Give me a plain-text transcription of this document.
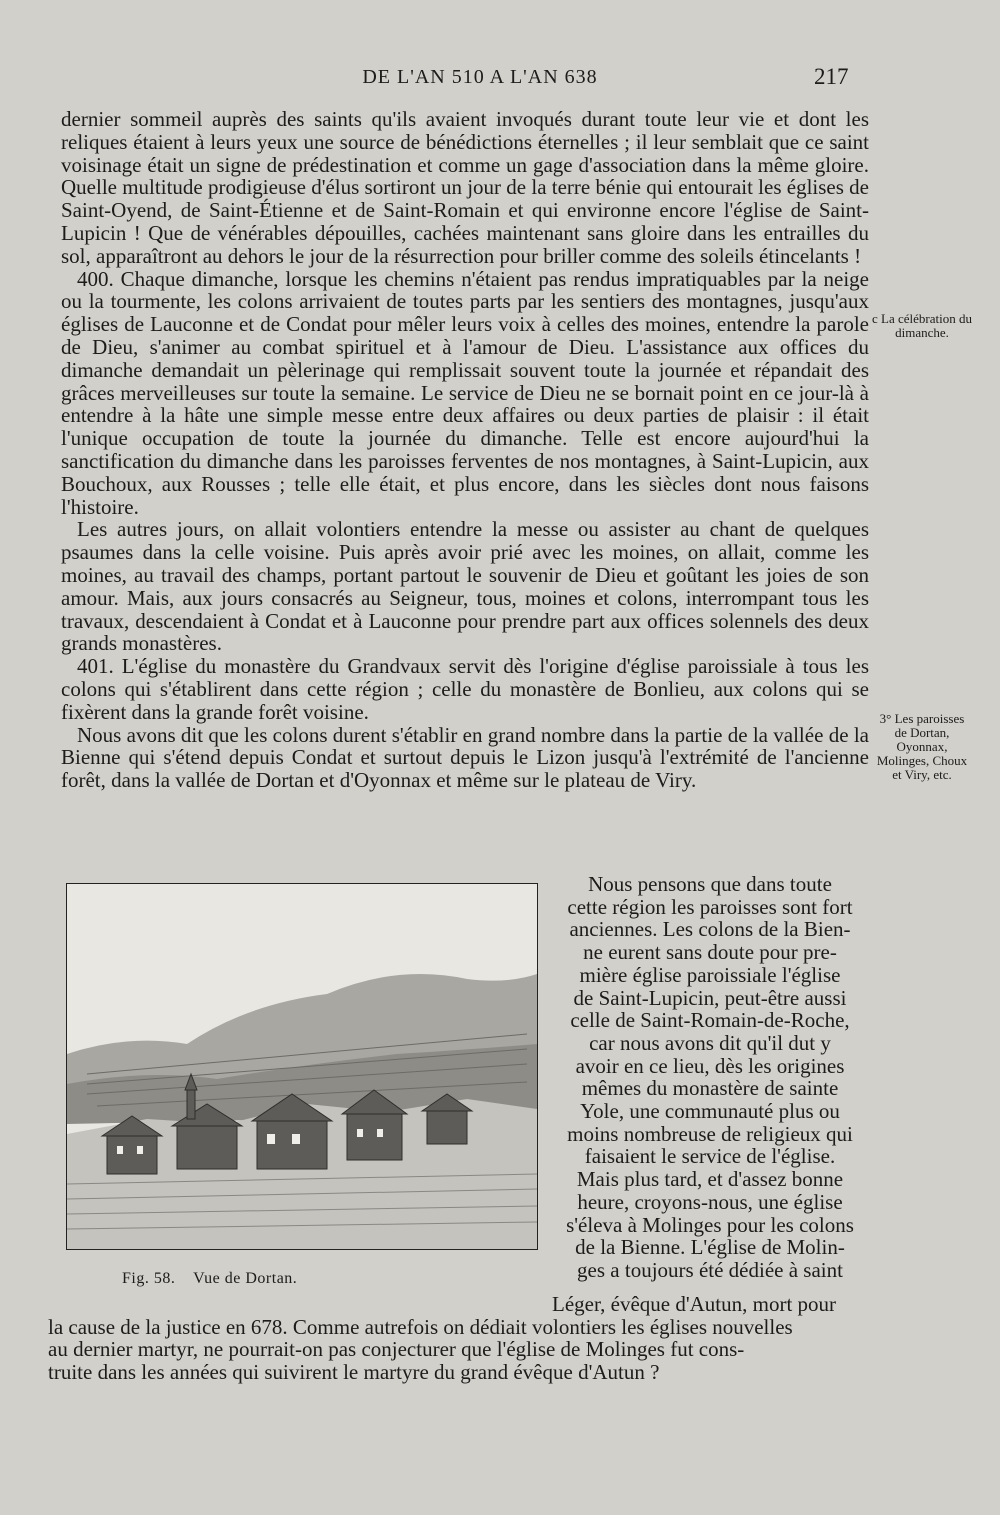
DE L'AN 510 A L'AN 638	217

dernier sommeil auprès des saints qu'ils avaient invoqués durant toute leur vie et dont les reliques étaient à leurs yeux une source de bénédictions éternelles ; il leur semblait que ce saint voisinage était un signe de prédestination et comme un gage d'association dans la même gloire. Quelle multitude prodigieuse d'élus sortiront un jour de la terre bénie qui entourait les églises de Saint-Oyend, de Saint-Étienne et de Saint-Romain et qui environne encore l'église de Saint-Lupicin ! Que de vénérables dépouilles, cachées maintenant sans gloire dans les entrailles du sol, apparaîtront au dehors le jour de la résurrection pour briller comme des soleils étincelants !

400. Chaque dimanche, lorsque les chemins n'étaient pas rendus impratiquables par la neige ou la tourmente, les colons arrivaient de toutes parts par les sentiers des montagnes, jusqu'aux églises de Lauconne et de Condat pour mêler leurs voix à celles des moines, entendre la parole de Dieu, s'animer au combat spirituel et à l'amour de Dieu. L'assistance aux offices du dimanche demandait un pèlerinage qui remplissait souvent toute la journée et répandait des grâces merveilleuses sur toute la semaine. Le service de Dieu ne se bornait point en ce jour-là à entendre à la hâte une simple messe entre deux affaires ou deux parties de plaisir : il était l'unique occupation de toute la journée du dimanche. Telle est encore aujourd'hui la sanctification du dimanche dans les paroisses ferventes de nos montagnes, à Saint-Lupicin, aux Bouchoux, aux Rousses ; telle elle était, et plus encore, dans les siècles dont nous faisons l'histoire.

Les autres jours, on allait volontiers entendre la messe ou assister au chant de quelques psaumes dans la celle voisine. Puis après avoir prié avec les moines, on allait, comme les moines, au travail des champs, portant partout le souvenir de Dieu et goûtant les joies de son amour. Mais, aux jours consacrés au Seigneur, tous, moines et colons, interrompant tous les travaux, descendaient à Condat et à Lauconne pour prendre part aux offices solennels des deux grands monastères.

401. L'église du monastère du Grandvaux servit dès l'origine d'église paroissiale à tous les colons qui s'établirent dans cette région ; celle du monastère de Bonlieu, aux colons qui se fixèrent dans la grande forêt voisine.

Nous avons dit que les colons durent s'établir en grand nombre dans la partie de la vallée de la Bienne qui s'étend depuis Condat et surtout depuis le Lizon jusqu'à l'extrémité de l'ancienne forêt, dans la vallée de Dortan et d'Oyonnax et même sur le plateau de Viry.

c La célébration du dimanche.
3° Les paroisses de Dortan, Oyonnax, Molinges, Choux et Viry, etc.
Fig. 58. Vue de Dortan.
Nous pensons que dans toute
cette région les paroisses sont fort
anciennes. Les colons de la Bien-
ne eurent sans doute pour pre-
mière église paroissiale l'église
de Saint-Lupicin, peut-être aussi
celle de Saint-Romain-de-Roche,
car nous avons dit qu'il dut y
avoir en ce lieu, dès les origines
mêmes du monastère de sainte
Yole, une communauté plus ou
moins nombreuse de religieux qui
faisaient le service de l'église.
Mais plus tard, et d'assez bonne
heure, croyons-nous, une église
s'éleva à Molinges pour les colons
de la Bienne. L'église de Molin-
ges a toujours été dédiée à saint
Léger, évêque d'Autun, mort pour
la cause de la justice en 678. Comme autrefois on dédiait volontiers les églises nouvelles
au dernier martyr, ne pourrait-on pas conjecturer que l'église de Molinges fut cons-
truite dans les années qui suivirent le martyre du grand évêque d'Autun ?
